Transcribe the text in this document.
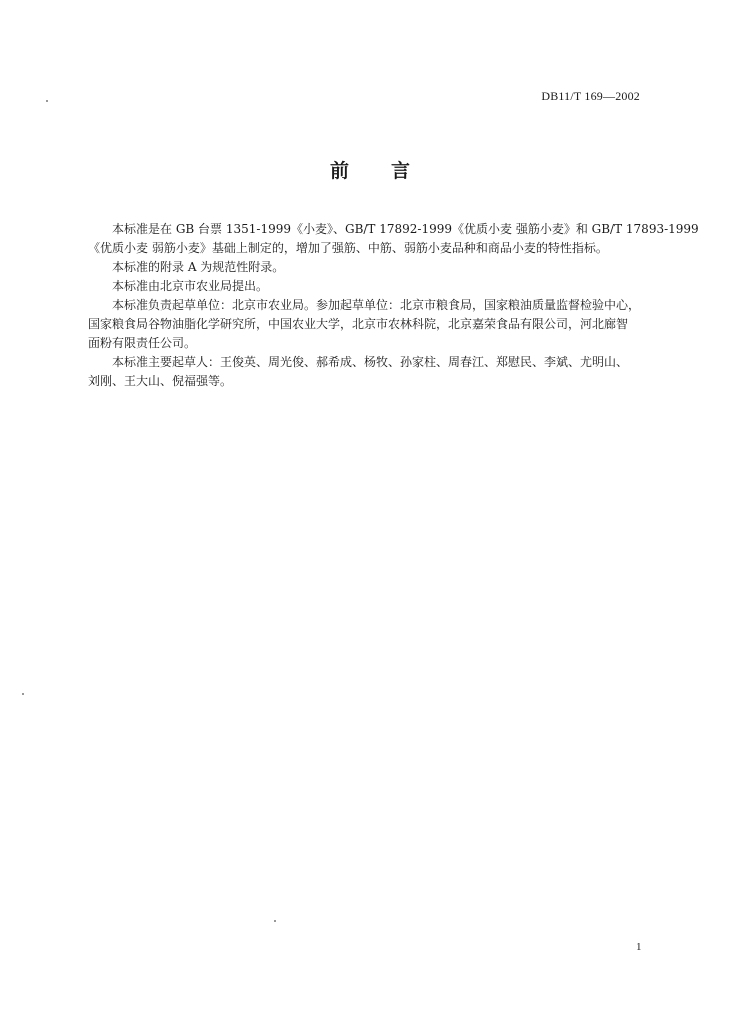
DB11/T 169—2002
前言

本标准是在 GB 台票 1351-1999《小麦》、GB/T 17892-1999《优质小麦 强筋小麦》和 GB/T 17893-1999

《优质小麦 弱筋小麦》基础上制定的，增加了强筋、中筋、弱筋小麦品种和商品小麦的特性指标。

本标准的附录 A 为规范性附录。

本标准由北京市农业局提出。

本标准负责起草单位：北京市农业局。参加起草单位：北京市粮食局，国家粮油质量监督检验中心，

国家粮食局谷物油脂化学研究所，中国农业大学，北京市农林科院，北京嘉荣食品有限公司，河北廊智

面粉有限责任公司。

本标准主要起草人：王俊英、周光俊、郝希成、杨牧、孙家柱、周春江、郑慰民、李斌、尤明山、

刘刚、王大山、倪福强等。

1
